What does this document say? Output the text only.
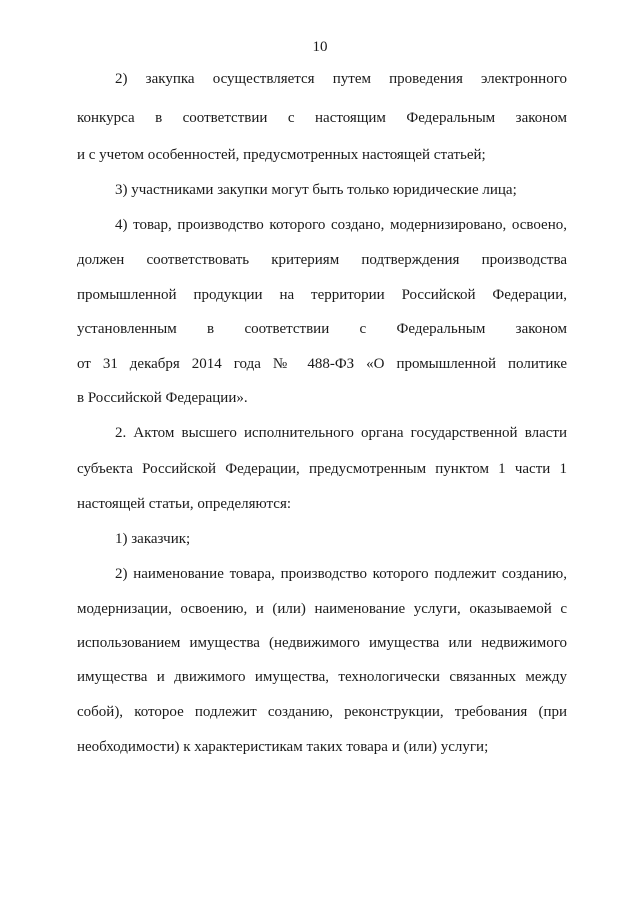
10
2) закупка осуществляется путем проведения электронного
конкурса в соответствии с настоящим Федеральным законом
и с учетом особенностей, предусмотренных настоящей статьей;
3) участниками закупки могут быть только юридические лица;
4) товар, производство которого создано, модернизировано, освоено,
должен соответствовать критериям подтверждения производства
промышленной продукции на территории Российской Федерации,
установленным в соответствии с Федеральным законом
от 31 декабря 2014 года № 488-ФЗ «О промышленной политике
в Российской Федерации».
2. Актом высшего исполнительного органа государственной власти
субъекта Российской Федерации, предусмотренным пунктом 1 части 1
настоящей статьи, определяются:
1) заказчик;
2) наименование товара, производство которого подлежит созданию,
модернизации, освоению, и (или) наименование услуги, оказываемой с
использованием имущества (недвижимого имущества или недвижимого
имущества и движимого имущества, технологически связанных между
собой), которое подлежит созданию, реконструкции, требования (при
необходимости) к характеристикам таких товара и (или) услуги;
